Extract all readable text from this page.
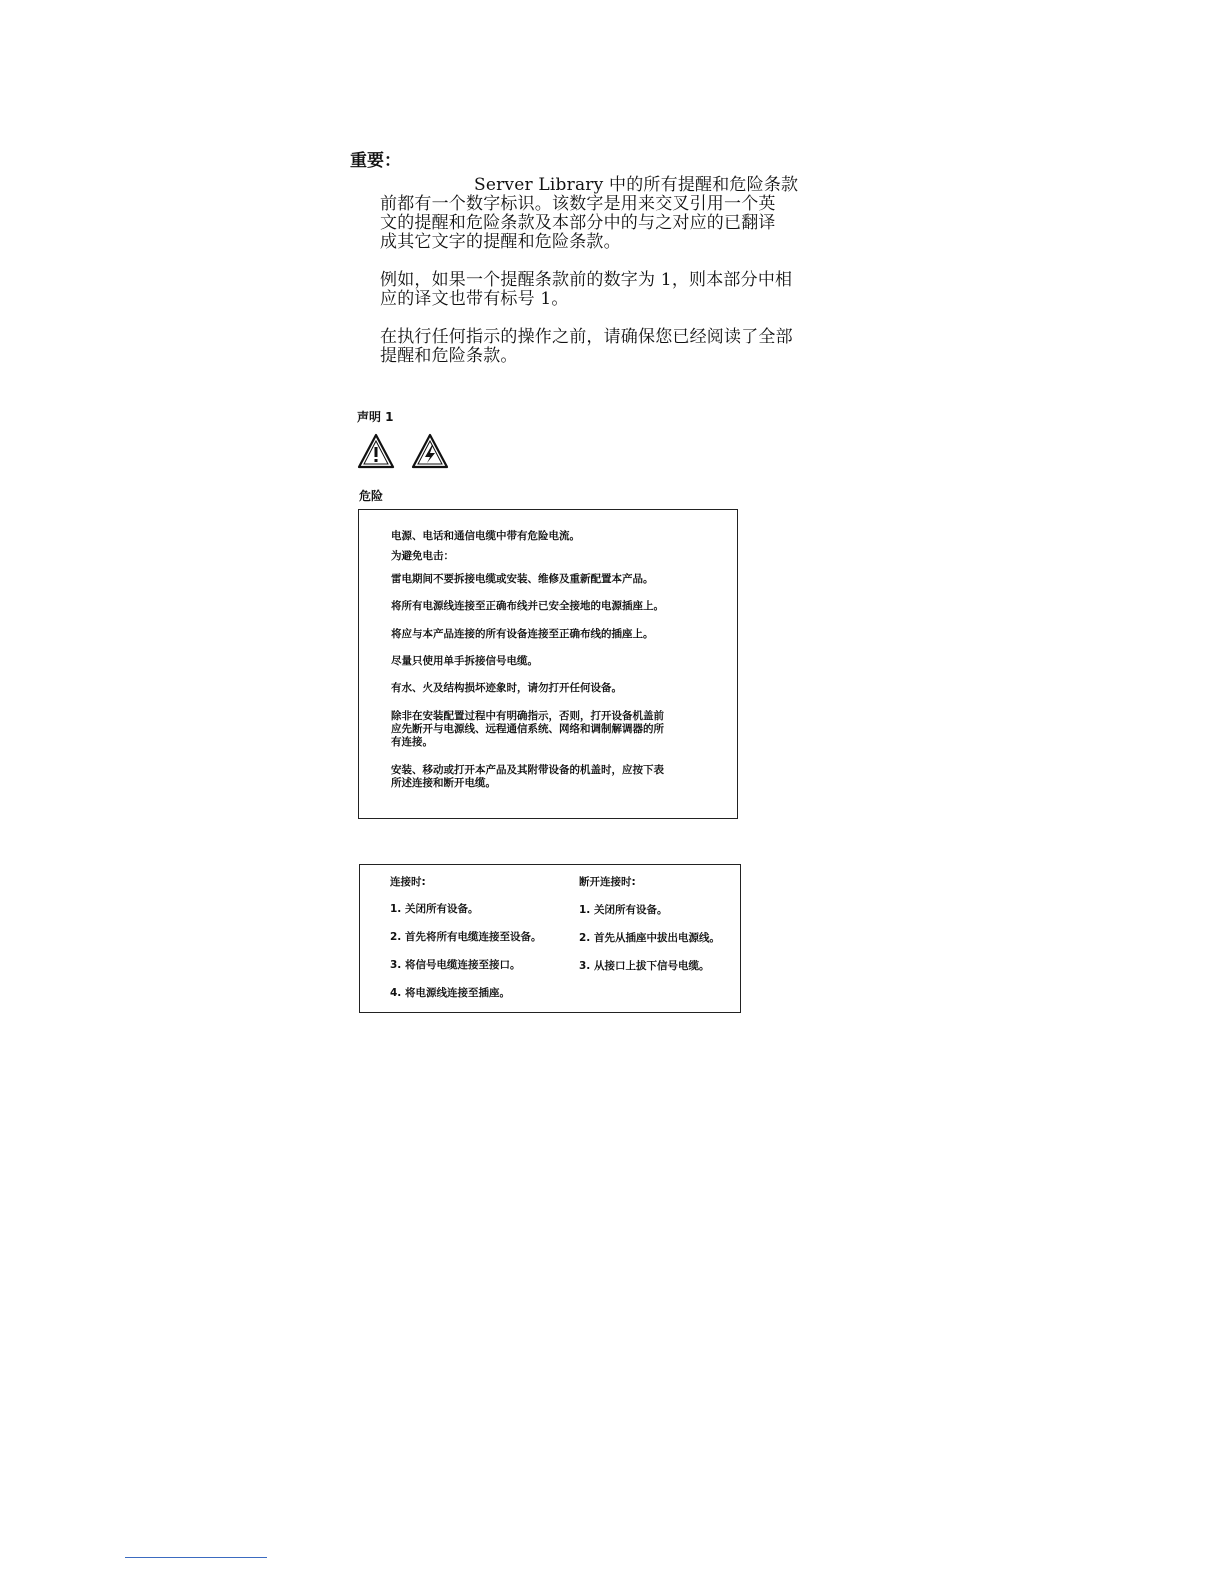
重要：
Server Library 中的所有提醒和危险条款
前都有一个数字标识。该数字是用来交叉引用一个英
文的提醒和危险条款及本部分中的与之对应的已翻译
成其它文字的提醒和危险条款。
例如，如果一个提醒条款前的数字为 1，则本部分中相
应的译文也带有标号 1。
在执行任何指示的操作之前，请确保您已经阅读了全部
提醒和危险条款。
声明 1
危险
电源、电话和通信电缆中带有危险电流。
为避免电击：
雷电期间不要拆接电缆或安装、维修及重新配置本产品。
将所有电源线连接至正确布线并已安全接地的电源插座上。
将应与本产品连接的所有设备连接至正确布线的插座上。
尽量只使用单手拆接信号电缆。
有水、火及结构损坏迹象时，请勿打开任何设备。
除非在安装配置过程中有明确指示，否则，打开设备机盖前
应先断开与电源线、远程通信系统、网络和调制解调器的所
有连接。
安装、移动或打开本产品及其附带设备的机盖时，应按下表
所述连接和断开电缆。
连接时:	断开连接时:
1. 关闭所有设备。
2. 首先将所有电缆连接至设备。
3. 将信号电缆连接至接口。
4. 将电源线连接至插座。
1. 关闭所有设备。
2. 首先从插座中拔出电源线。
3. 从接口上拔下信号电缆。
